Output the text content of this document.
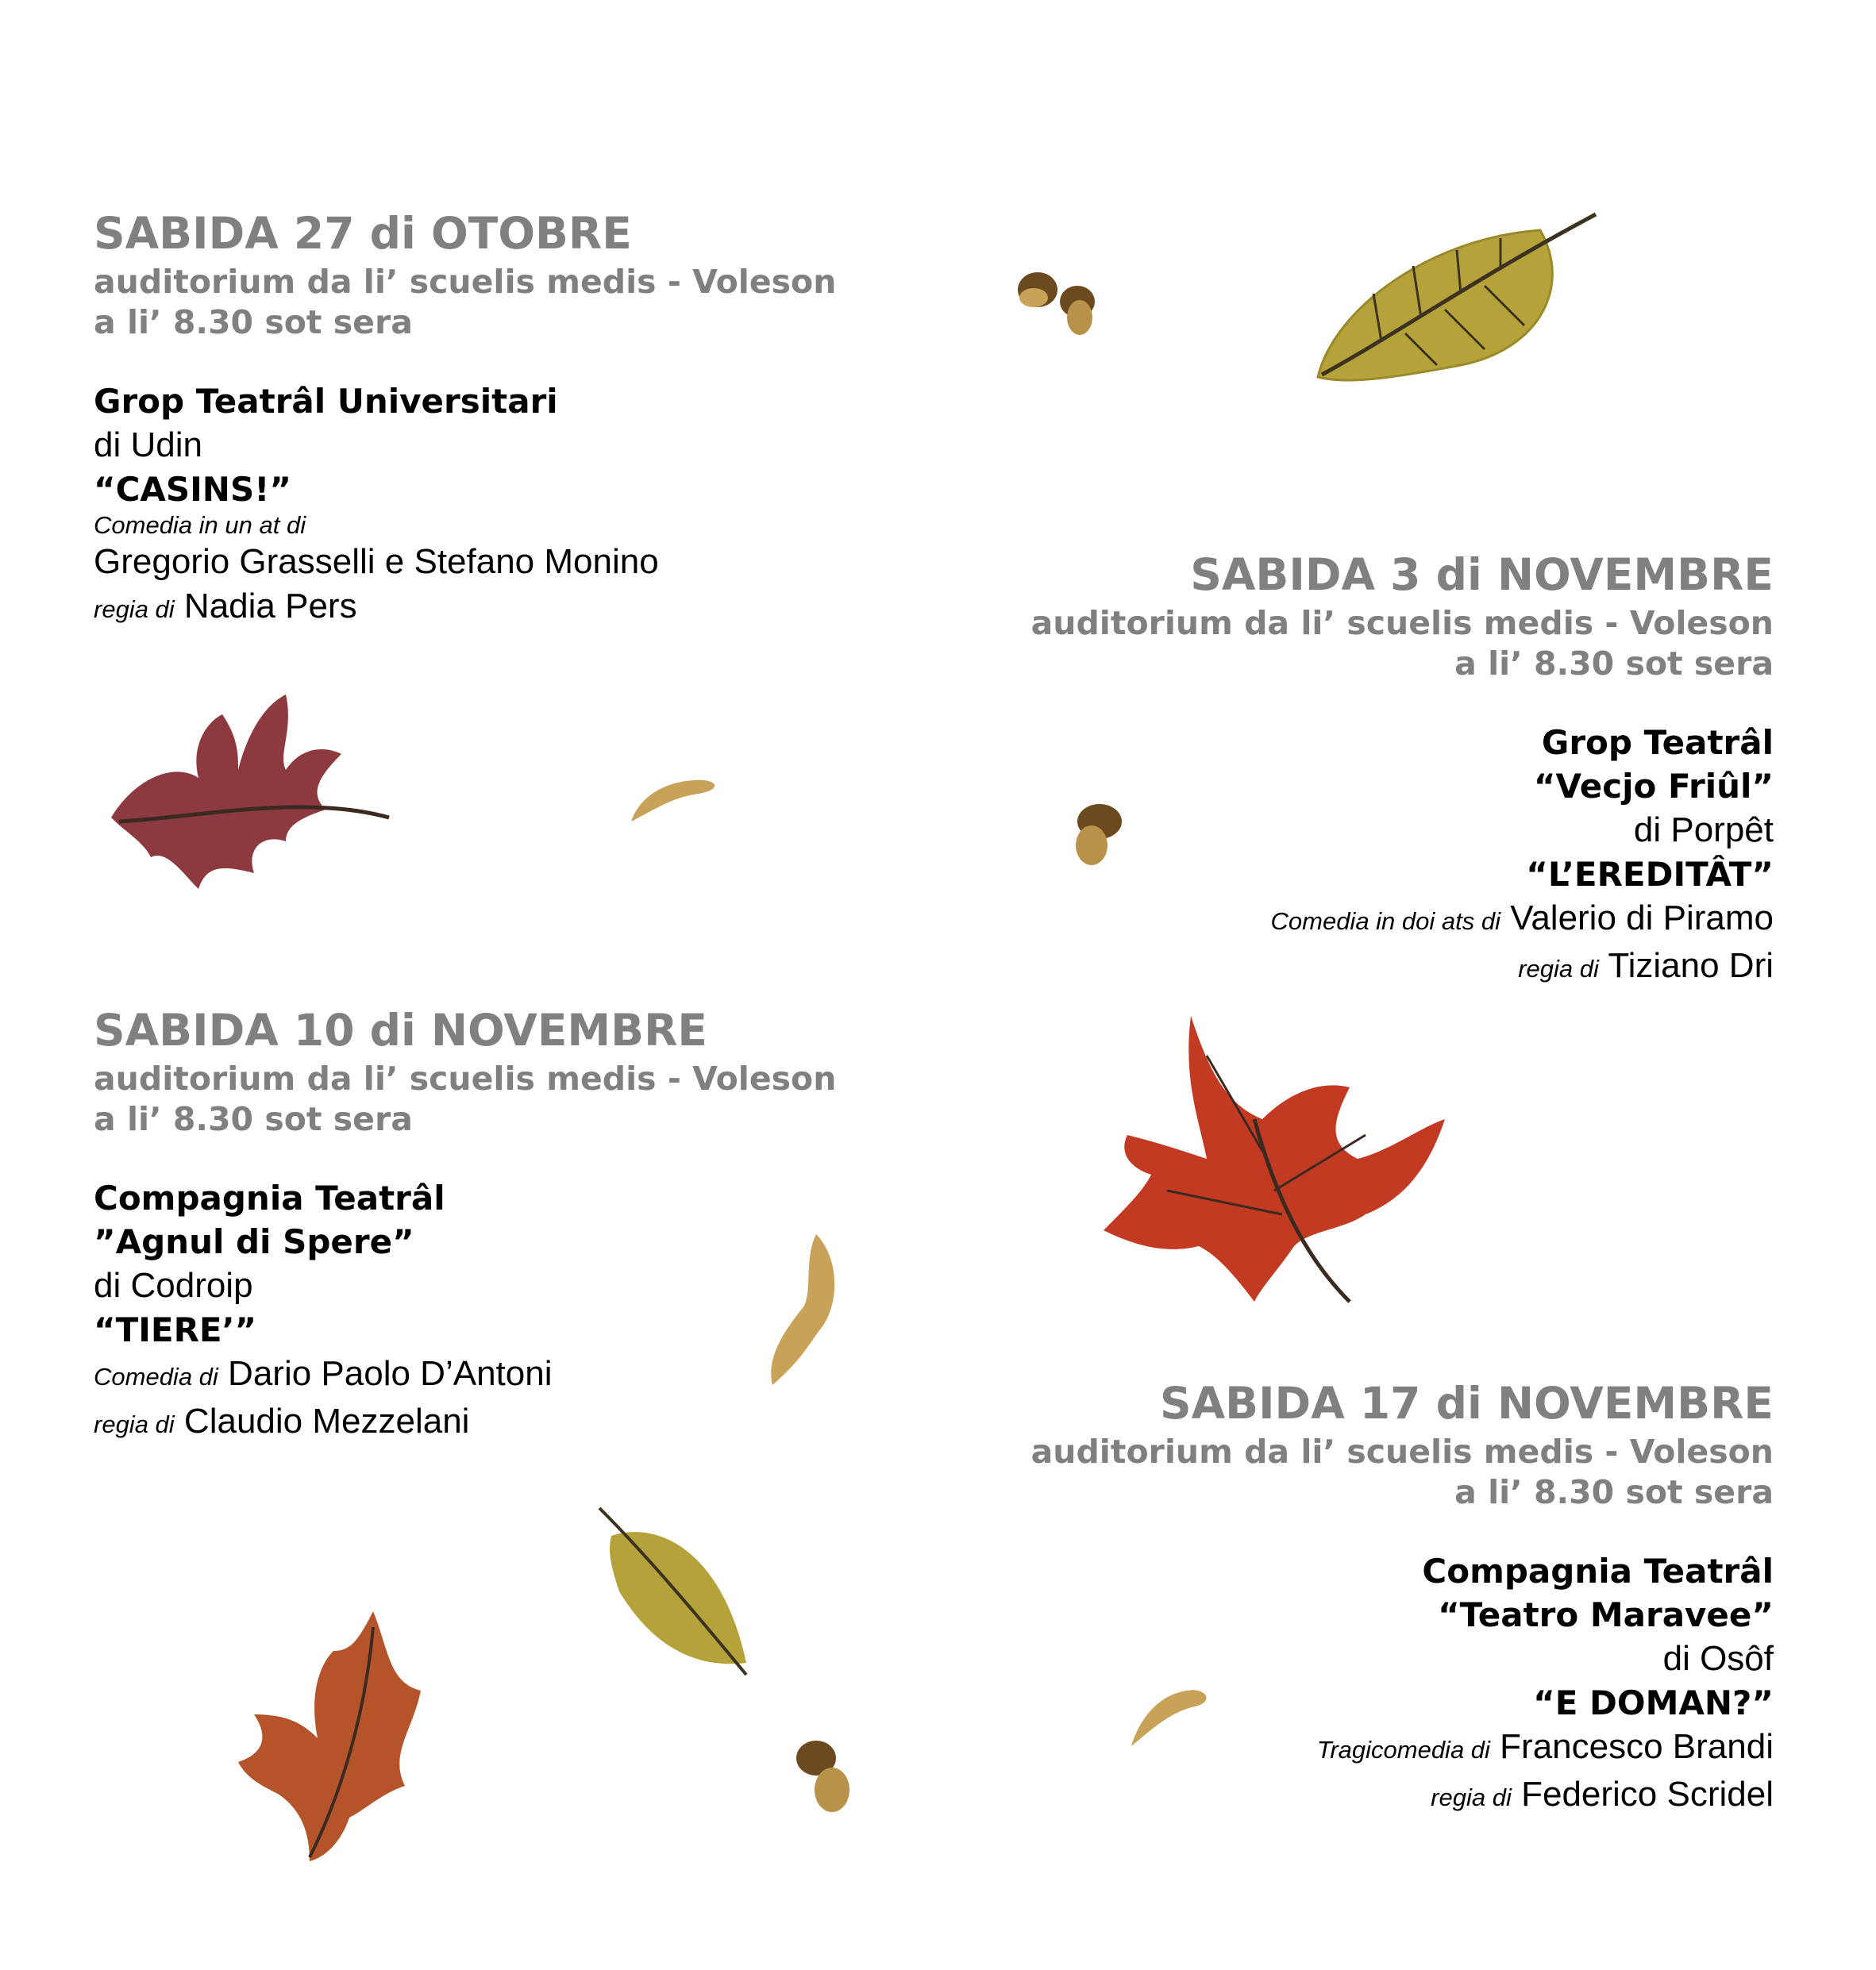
SABIDA 27 di OTOBRE
auditorium da li’ scuelis medis - Voleson
a li’ 8.30 sot sera
Grop Teatrâl Universitari
di Udin
“CASINS!”
Comedia in un at di
Gregorio Grasselli e Stefano Monino
regia di Nadia Pers
SABIDA 3 di NOVEMBRE
auditorium da li’ scuelis medis - Voleson
a li’ 8.30 sot sera
Grop Teatrâl
“Vecjo Friûl”
di Porpêt
“L’EREDITÂT”
Comedia in doi ats di Valerio di Piramo
regia di Tiziano Dri
SABIDA 10 di NOVEMBRE
auditorium da li’ scuelis medis - Voleson
a li’ 8.30 sot sera
Compagnia Teatrâl
”Agnul di Spere”
di Codroip
“TIERE’”
Comedia di Dario Paolo D’Antoni
regia di Claudio Mezzelani	SABIDA 17 di NOVEMBRE
auditorium da li’ scuelis medis - Voleson
a li’ 8.30 sot sera
Compagnia Teatrâl
“Teatro Maravee”
di Osôf
“E DOMAN?”
Tragicomedia di Francesco Brandi
regia di Federico Scridel
